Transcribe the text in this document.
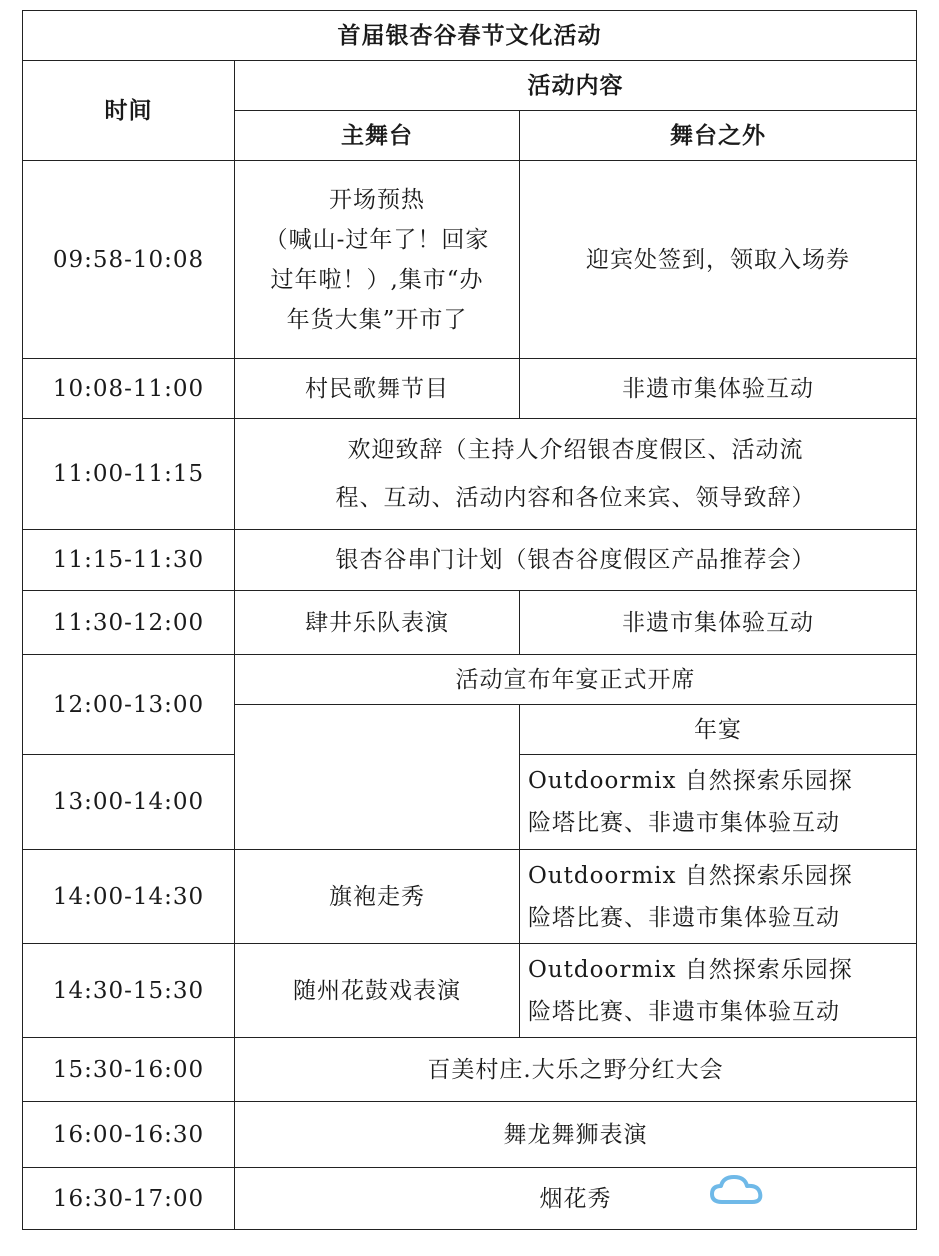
首届银杏谷春节文化活动		
时间	活动内容	
	主舞台	舞台之外
09:58-10:08	开场预热
（喊山-过年了！回家
过年啦！）,集市“办
年货大集”开市了	迎宾处签到，领取入场券
10:08-11:00	村民歌舞节目	非遗市集体验互动
11:00-11:15	欢迎致辞（主持人介绍银杏度假区、活动流
程、互动、活动内容和各位来宾、领导致辞）	

11:15-11:30	银杏谷串门计划（银杏谷度假区产品推荐会）	
11:30-12:00	肆井乐队表演	非遗市集体验互动
12:00-13:00	活动宣布年宴正式开席	

		年宴
13:00-14:00		Outdoormix 自然探索乐园探
险塔比赛、非遗市集体验互动

14:00-14:30	旗袍走秀	Outdoormix 自然探索乐园探
险塔比赛、非遗市集体验互动

14:30-15:30	随州花鼓戏表演	Outdoormix 自然探索乐园探
险塔比赛、非遗市集体验互动

15:30-16:00	百美村庄.大乐之野分红大会	
16:00-16:30	舞龙舞狮表演	
16:30-17:00	烟花秀	
